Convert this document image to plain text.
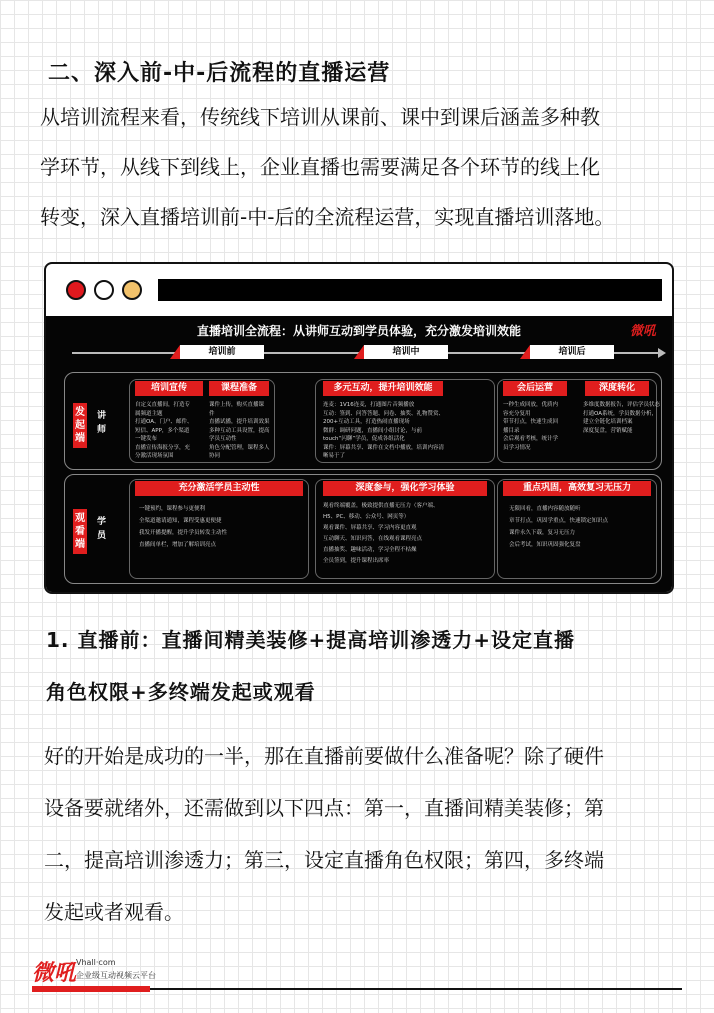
二、深入前-中-后流程的直播运营
从培训流程来看，传统线下培训从课前、课中到课后涵盖多种教
学环节，从线下到线上，企业直播也需要满足各个环节的线上化
转变，深入直播培训前-中-后的全流程运营，实现直播培训落地。
直播培训全流程：从讲师互动到学员体验，充分激发培训效能	微吼
培训前	培训中	培训后
发起端
讲师
培训宣传	课程准备
自定义直播间，打造专
属频道主题
打通OA、门户、邮件、
短信、APP，多个渠道
一键发布
直播宣传海报分享，充
分激活现场氛围
课件上传，购买直播课
件
直播试播，提升培训效果
多种互动工具设置，提高
学员互动性
角色分配管理，课程多人
协同
多元互动，提升培训效能
连麦：1V16连麦，打通图片音频播放
互动：签到、问答答题、问卷、抽奖、礼物赞赏、
200+互动工具，打造热闹直播现场
微群：调研问题，直播间小组讨论，与前
touch“闪聊”学员，促成各组活化
课件：屏幕共享、课件在文档中播放，培训内容清
晰易于了
会后运营	深度转化
一秒生成回放，优质内
容充分复用
带节打点，快速生成回
播目录
会后观看考核，统计学
员学习情况
多维度数据报告，评估学员状态
打通OA系统，学员数据分析，
建立全链化培训档案
深度复盘，营销赋能
观看端
学员
充分激活学员主动性
一键预约，课程参与更便利
全渠道邀请通知，课程受惠更便捷
我发开播提醒，提升学员转发主动性
直播间单栏，增加了解培训亮点
深度参与，强化学习体验
观看终端覆盖，极致提供直播无压力（客户端、
H5、PC、移动、公众号、网页等）
观看课件、屏幕共享、学习内容更直观
互动聊天、知识问答，在线观看课程亮点
直播抽奖、趣味活动，学习全程不枯燥
全员签到，提升课程出席率
重点巩固，高效复习无压力
无限回看，直播内容随放随听
章节打点，巩固学重点，快速锁定知识点
课件永久下载，复习无压力
会后考试，知识巩固强化复盘
1. 直播前：直播间精美装修+提高培训渗透力+设定直播
角色权限+多终端发起或观看
好的开始是成功的一半，那在直播前要做什么准备呢？除了硬件
设备要就绪外，还需做到以下四点：第一，直播间精美装修；第
二，提高培训渗透力；第三，设定直播角色权限；第四，多终端
发起或者观看。
微吼 Vhall·com
企业级互动视频云平台
